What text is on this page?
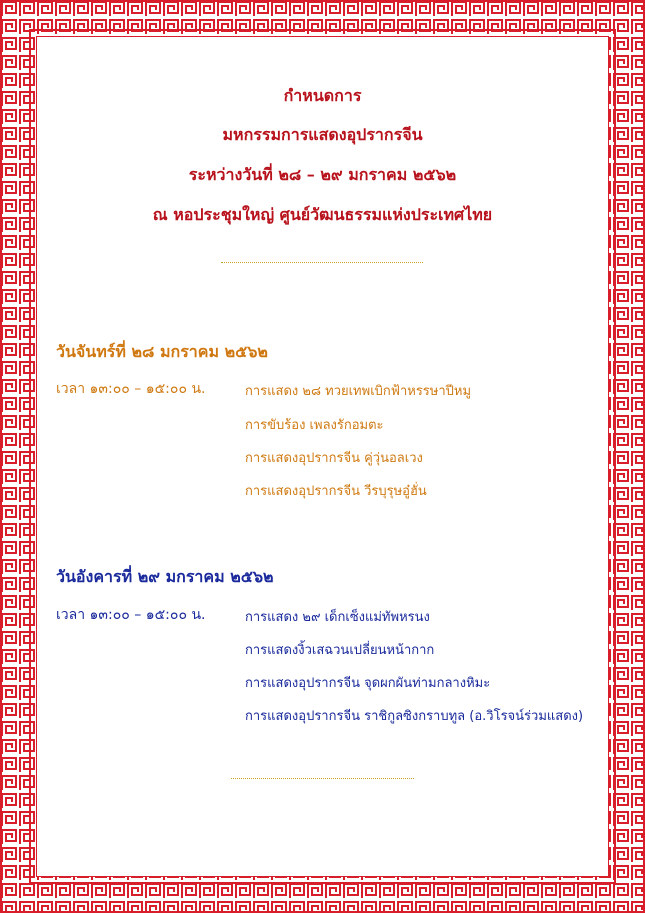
กำหนดการ
มหกรรมการแสดงอุปรากรจีน
ระหว่างวันที่ ๒๘ – ๒๙ มกราคม ๒๕๖๒
ณ หอประชุมใหญ่ ศูนย์วัฒนธรรมแห่งประเทศไทย
วันจันทร์ที่ ๒๘ มกราคม ๒๕๖๒
เวลา ๑๓:๐๐ – ๑๕:๐๐ น.	การแสดง ๒๘ ทวยเทพเบิกฟ้าหรรษาปีหมู
การขับร้อง เพลงรักอมตะ
การแสดงอุปรากรจีน คู่วุ่นอลเวง
การแสดงอุปรากรจีน วีรบุรุษอู๋ฮั่น
วันอังคารที่ ๒๙ มกราคม ๒๕๖๒
เวลา ๑๓:๐๐ – ๑๕:๐๐ น.	การแสดง ๒๙ เด็กเซ็งแม่ทัพหรนง
การแสดงงิ้วเสฉวนเปลี่ยนหน้ากาก
การแสดงอุปรากรจีน จุดผกผันท่ามกลางหิมะ
การแสดงอุปรากรจีน ราชิกูลซิงกราบทูล (อ.วิโรจน์ร่วมแสดง)
